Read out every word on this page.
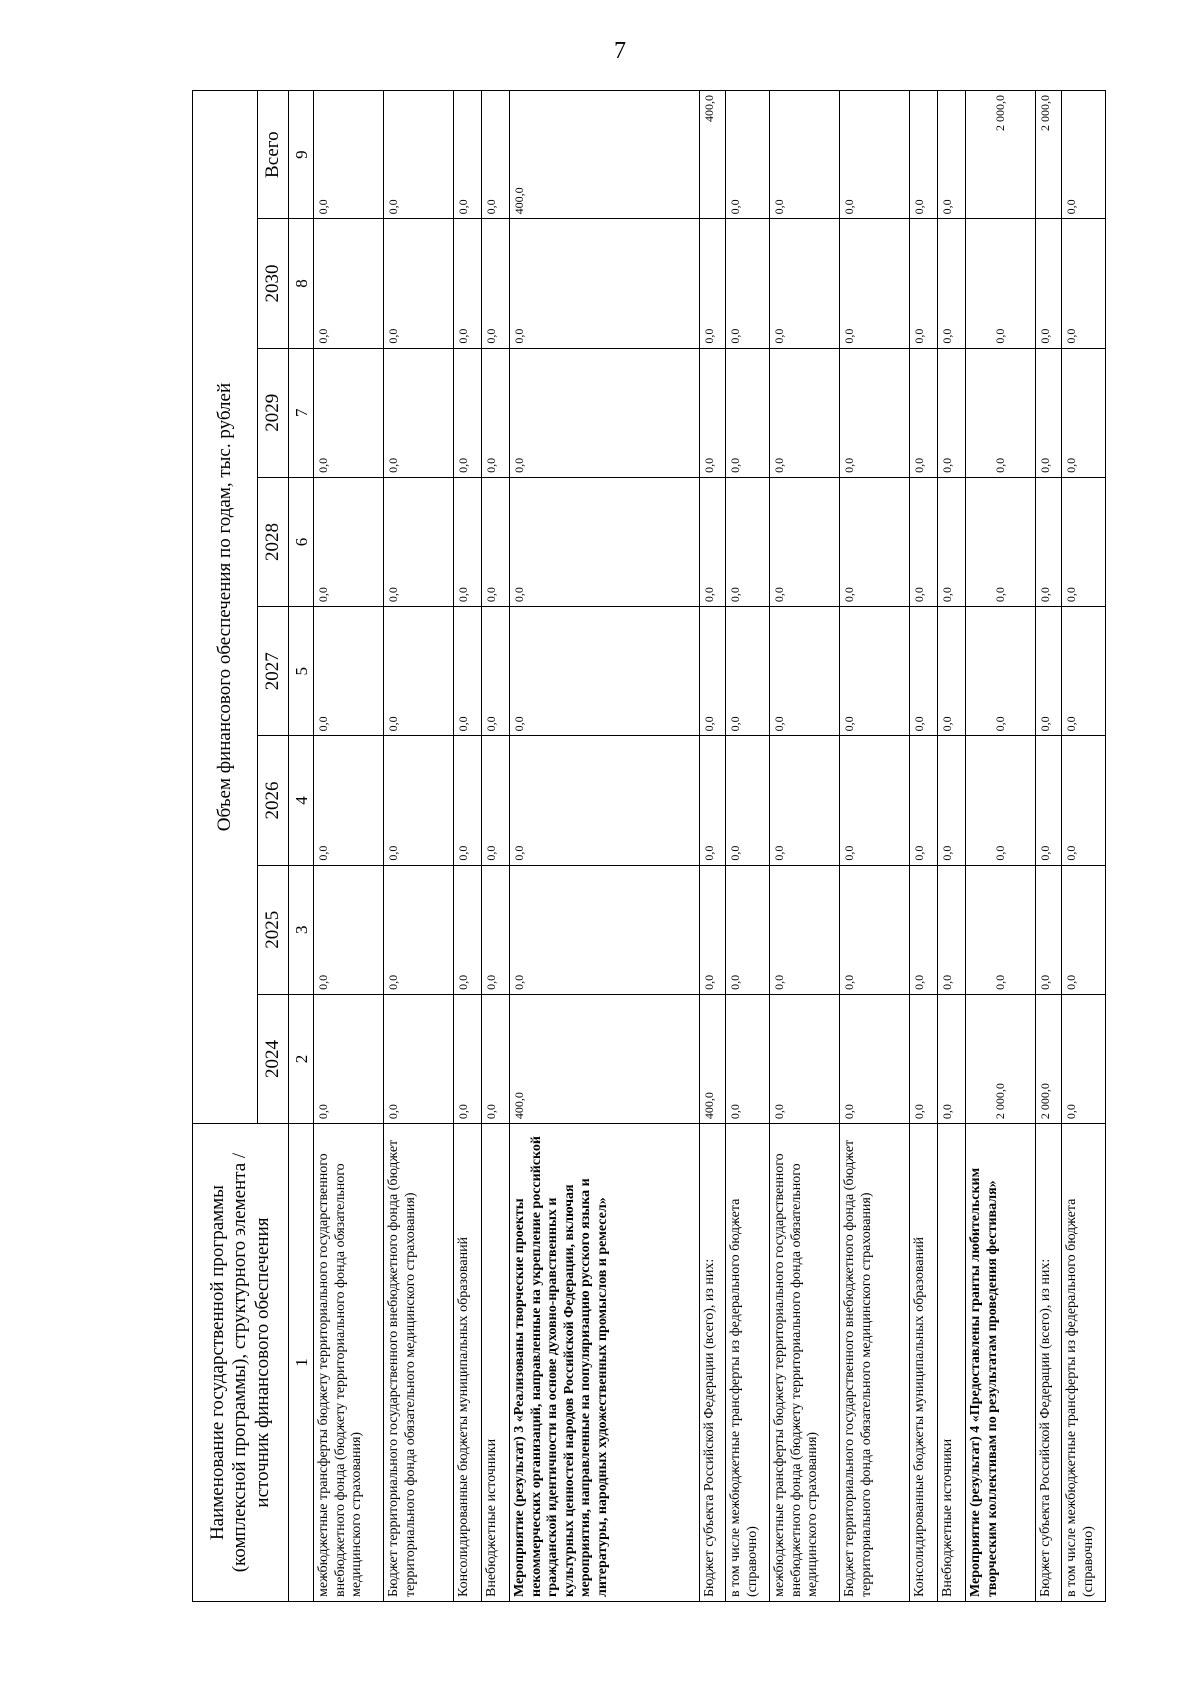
7
Наименование государственной программы (комплексной программы), структурного элемента / источник финансового обеспечения	Объем финансового обеспечения по годам, тыс. рублей							
	2024	2025	2026	2027	2028	2029	2030	Всего
1	2	3	4	5	6	7	8	9
межбюджетные трансферты бюджету территориального государственного внебюджетного фонда (бюджету территориального фонда обязательного медицинского страхования)	0,0	0,0	0,0	0,0	0,0	0,0	0,0	0,0
Бюджет территориального государственного внебюджетного фонда (бюджет территориального фонда обязательного медицинского страхования)	0,0	0,0	0,0	0,0	0,0	0,0	0,0	0,0
Консолидированные бюджеты муниципальных образований	0,0	0,0	0,0	0,0	0,0	0,0	0,0	0,0
Внебюджетные источники	0,0	0,0	0,0	0,0	0,0	0,0	0,0	0,0
Мероприятие (результат) 3 «Реализованы творческие проекты некоммерческих организаций, направленные на укрепление российской гражданской идентичности на основе духовно-нравственных и культурных ценностей народов Российской Федерации, включая мероприятия, направленные на популяризацию русского языка и литературы, народных художественных промыслов и ремесел»	400,0	0,0	0,0	0,0	0,0	0,0	0,0	400,0
Бюджет субъекта Российской Федерации (всего), из них:	400,0	0,0	0,0	0,0	0,0	0,0	0,0	400,0
в том числе межбюджетные трансферты из федерального бюджета (справочно)	0,0	0,0	0,0	0,0	0,0	0,0	0,0	0,0
межбюджетные трансферты бюджету территориального государственного внебюджетного фонда (бюджету территориального фонда обязательного медицинского страхования)	0,0	0,0	0,0	0,0	0,0	0,0	0,0	0,0
Бюджет территориального государственного внебюджетного фонда (бюджет территориального фонда обязательного медицинского страхования)	0,0	0,0	0,0	0,0	0,0	0,0	0,0	0,0
Консолидированные бюджеты муниципальных образований	0,0	0,0	0,0	0,0	0,0	0,0	0,0	0,0
Внебюджетные источники	0,0	0,0	0,0	0,0	0,0	0,0	0,0	0,0
Мероприятие (результат) 4 «Предоставлены гранты любительским творческим коллективам по результатам проведения фестиваля»	2 000,0	0,0	0,0	0,0	0,0	0,0	0,0	2 000,0
Бюджет субъекта Российской Федерации (всего), из них:	2 000,0	0,0	0,0	0,0	0,0	0,0	0,0	2 000,0
в том числе межбюджетные трансферты из федерального бюджета (справочно)	0,0	0,0	0,0	0,0	0,0	0,0	0,0	0,0
